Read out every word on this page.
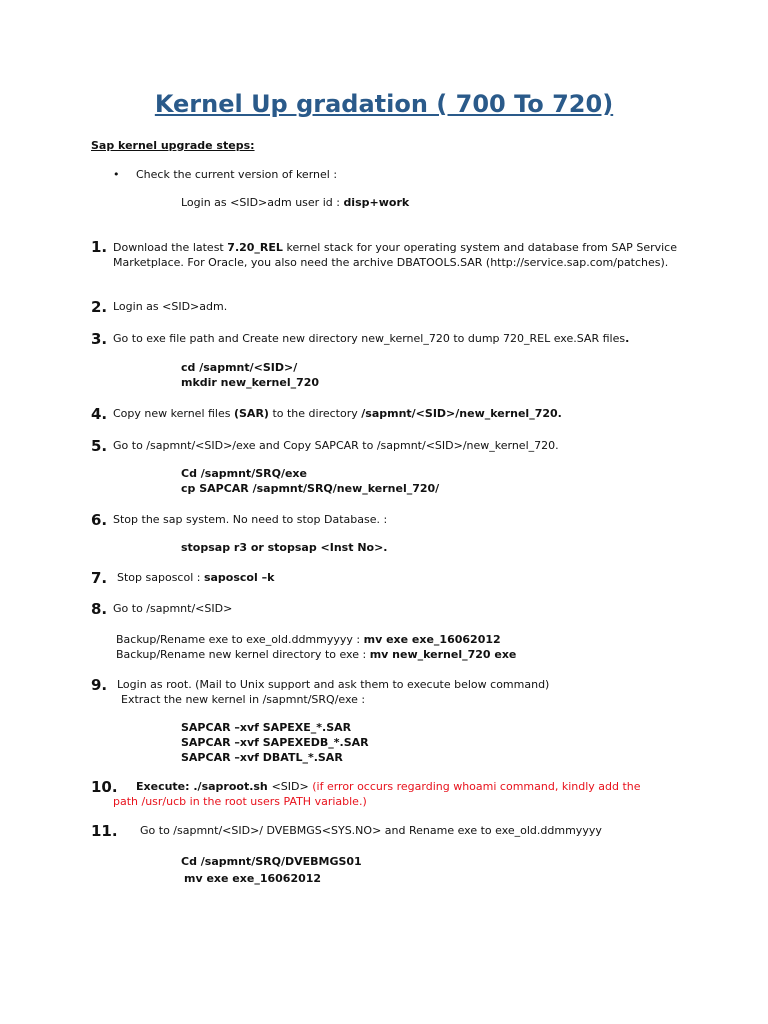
Kernel Up gradation ( 700 To 720)
Sap kernel upgrade steps:
• Check the current version of kernel :
Login as <SID>adm user id : disp+work
1. Download the latest 7.20_REL kernel stack for your operating system and database from SAP Service Marketplace. For Oracle, you also need the archive DBATOOLS.SAR (http://service.sap.com/patches).
2. Login as <SID>adm.
3. Go to exe file path and Create new directory new_kernel_720 to dump 720_REL exe.SAR files.
cd /sapmnt/<SID>/
mkdir new_kernel_720
4. Copy new kernel files (SAR) to the directory /sapmnt/<SID>/new_kernel_720.
5. Go to /sapmnt/<SID>/exe and Copy SAPCAR to /sapmnt/<SID>/new_kernel_720.
Cd /sapmnt/SRQ/exe
cp SAPCAR /sapmnt/SRQ/new_kernel_720/
6. Stop the sap system. No need to stop Database. :
stopsap r3 or stopsap <Inst No>.
7. Stop saposcol : saposcol –k
8. Go to /sapmnt/<SID>
Backup/Rename exe to exe_old.ddmmyyyy : mv exe exe_16062012
Backup/Rename new kernel directory to exe : mv new_kernel_720 exe
9. Login as root. (Mail to Unix support and ask them to execute below command)
Extract the new kernel in /sapmnt/SRQ/exe :
SAPCAR –xvf SAPEXE_*.SAR
SAPCAR –xvf SAPEXEDB_*.SAR
SAPCAR –xvf DBATL_*.SAR
10. Execute: ./saproot.sh <SID> (if error occurs regarding whoami command, kindly add the
path /usr/ucb in the root users PATH variable.)
11. Go to /sapmnt/<SID>/ DVEBMGS<SYS.NO> and Rename exe to exe_old.ddmmyyyy
Cd /sapmnt/SRQ/DVEBMGS01
mv exe exe_16062012
